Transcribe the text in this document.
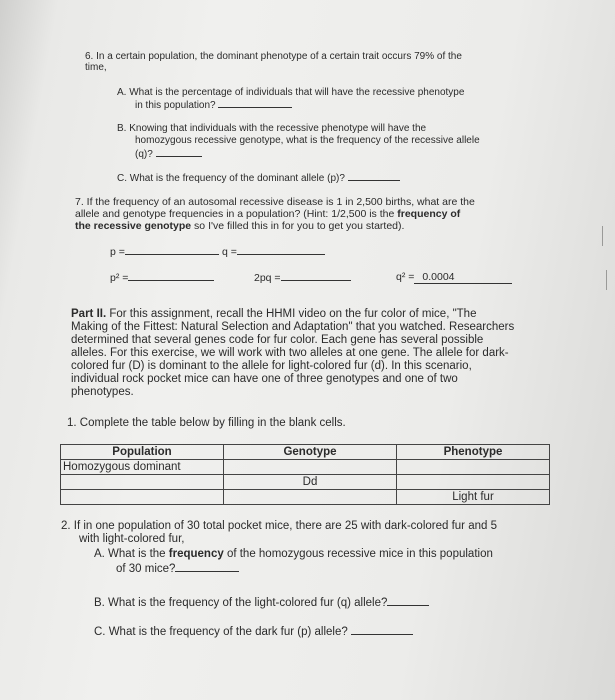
6. In a certain population, the dominant phenotype of a certain trait occurs 79% of the
time,
A. What is the percentage of individuals that will have the recessive phenotype
in this population?
B. Knowing that individuals with the recessive phenotype will have the
homozygous recessive genotype, what is the frequency of the recessive allele
(q)?
C. What is the frequency of the dominant allele (p)?
7. If the frequency of an autosomal recessive disease is 1 in 2,500 births, what are the
allele and genotype frequencies in a population? (Hint: 1/2,500 is the frequency of
the recessive genotype so I've filled this in for you to get you started).
p =	q =
p² =	2pq =	q² = 0.0004
Part II. For this assignment, recall the HHMI video on the fur color of mice, "The
Making of the Fittest: Natural Selection and Adaptation" that you watched. Researchers
determined that several genes code for fur color. Each gene has several possible
alleles. For this exercise, we will work with two alleles at one gene. The allele for dark-
colored fur (D) is dominant to the allele for light-colored fur (d). In this scenario,
individual rock pocket mice can have one of three genotypes and one of two
phenotypes.
1. Complete the table below by filling in the blank cells.
Population	Genotype	Phenotype
Homozygous dominant		
	Dd	
		Light fur
2. If in one population of 30 total pocket mice, there are 25 with dark-colored fur and 5
with light-colored fur,
A. What is the frequency of the homozygous recessive mice in this population
of 30 mice?
B. What is the frequency of the light-colored fur (q) allele?
C. What is the frequency of the dark fur (p) allele?
